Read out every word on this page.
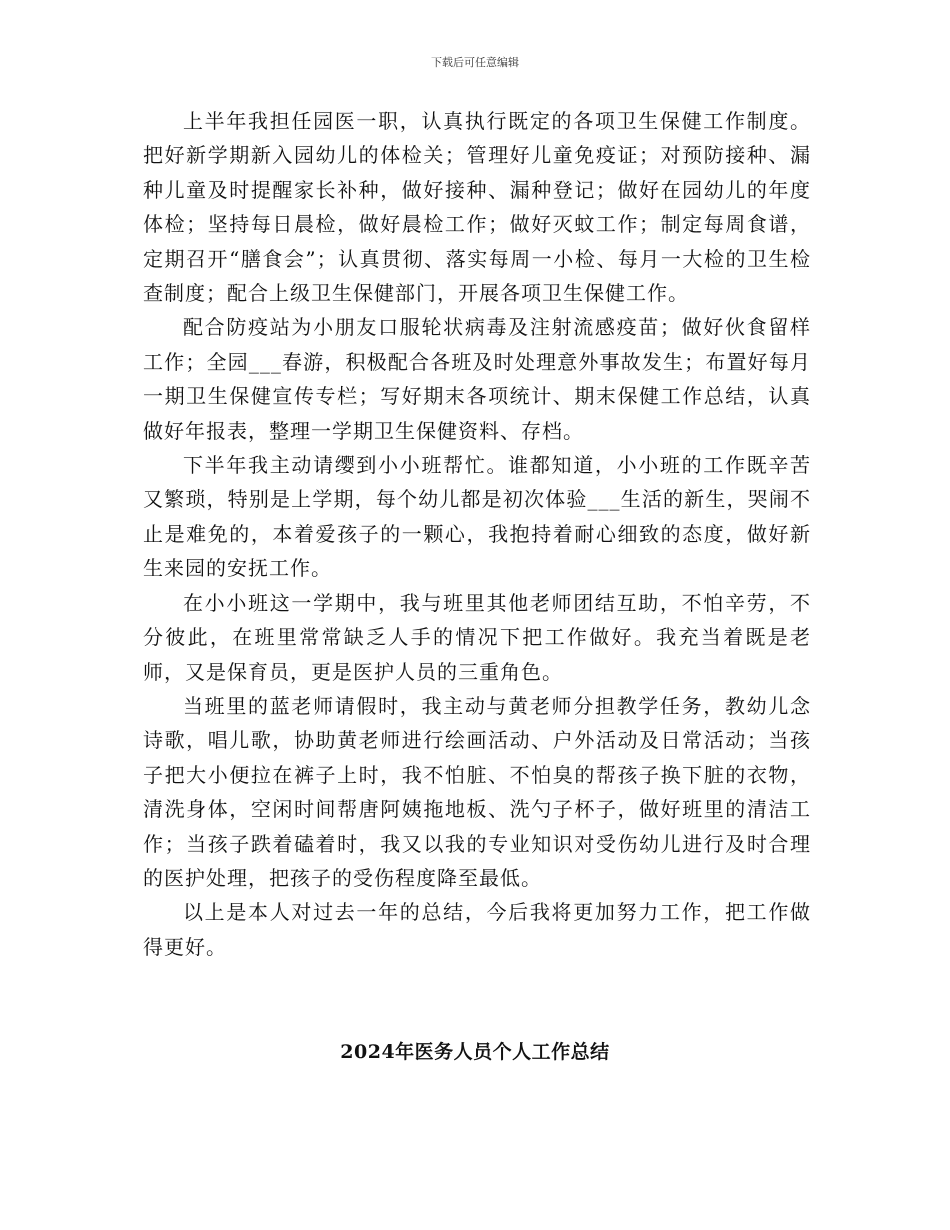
下载后可任意编辑

上半年我担任园医一职，认真执行既定的各项卫生保健工作制度。把好新学期新入园幼儿的体检关；管理好儿童免疫证；对预防接种、漏种儿童及时提醒家长补种，做好接种、漏种登记；做好在园幼儿的年度体检；坚持每日晨检，做好晨检工作；做好灭蚊工作；制定每周食谱，定期召开“膳食会”；认真贯彻、落实每周一小检、每月一大检的卫生检查制度；配合上级卫生保健部门，开展各项卫生保健工作。

配合防疫站为小朋友口服轮状病毒及注射流感疫苗；做好伙食留样工作；全园___春游，积极配合各班及时处理意外事故发生；布置好每月一期卫生保健宣传专栏；写好期末各项统计、期末保健工作总结，认真做好年报表，整理一学期卫生保健资料、存档。

下半年我主动请缨到小小班帮忙。谁都知道，小小班的工作既辛苦又繁琐，特别是上学期，每个幼儿都是初次体验___生活的新生，哭闹不止是难免的，本着爱孩子的一颗心，我抱持着耐心细致的态度，做好新生来园的安抚工作。

在小小班这一学期中，我与班里其他老师团结互助，不怕辛劳，不分彼此，在班里常常缺乏人手的情况下把工作做好。我充当着既是老师，又是保育员，更是医护人员的三重角色。

当班里的蓝老师请假时，我主动与黄老师分担教学任务，教幼儿念诗歌，唱儿歌，协助黄老师进行绘画活动、户外活动及日常活动；当孩子把大小便拉在裤子上时，我不怕脏、不怕臭的帮孩子换下脏的衣物，清洗身体，空闲时间帮唐阿姨拖地板、洗勺子杯子，做好班里的清洁工作；当孩子跌着磕着时，我又以我的专业知识对受伤幼儿进行及时合理的医护处理，把孩子的受伤程度降至最低。

以上是本人对过去一年的总结，今后我将更加努力工作，把工作做得更好。

2024年医务人员个人工作总结
